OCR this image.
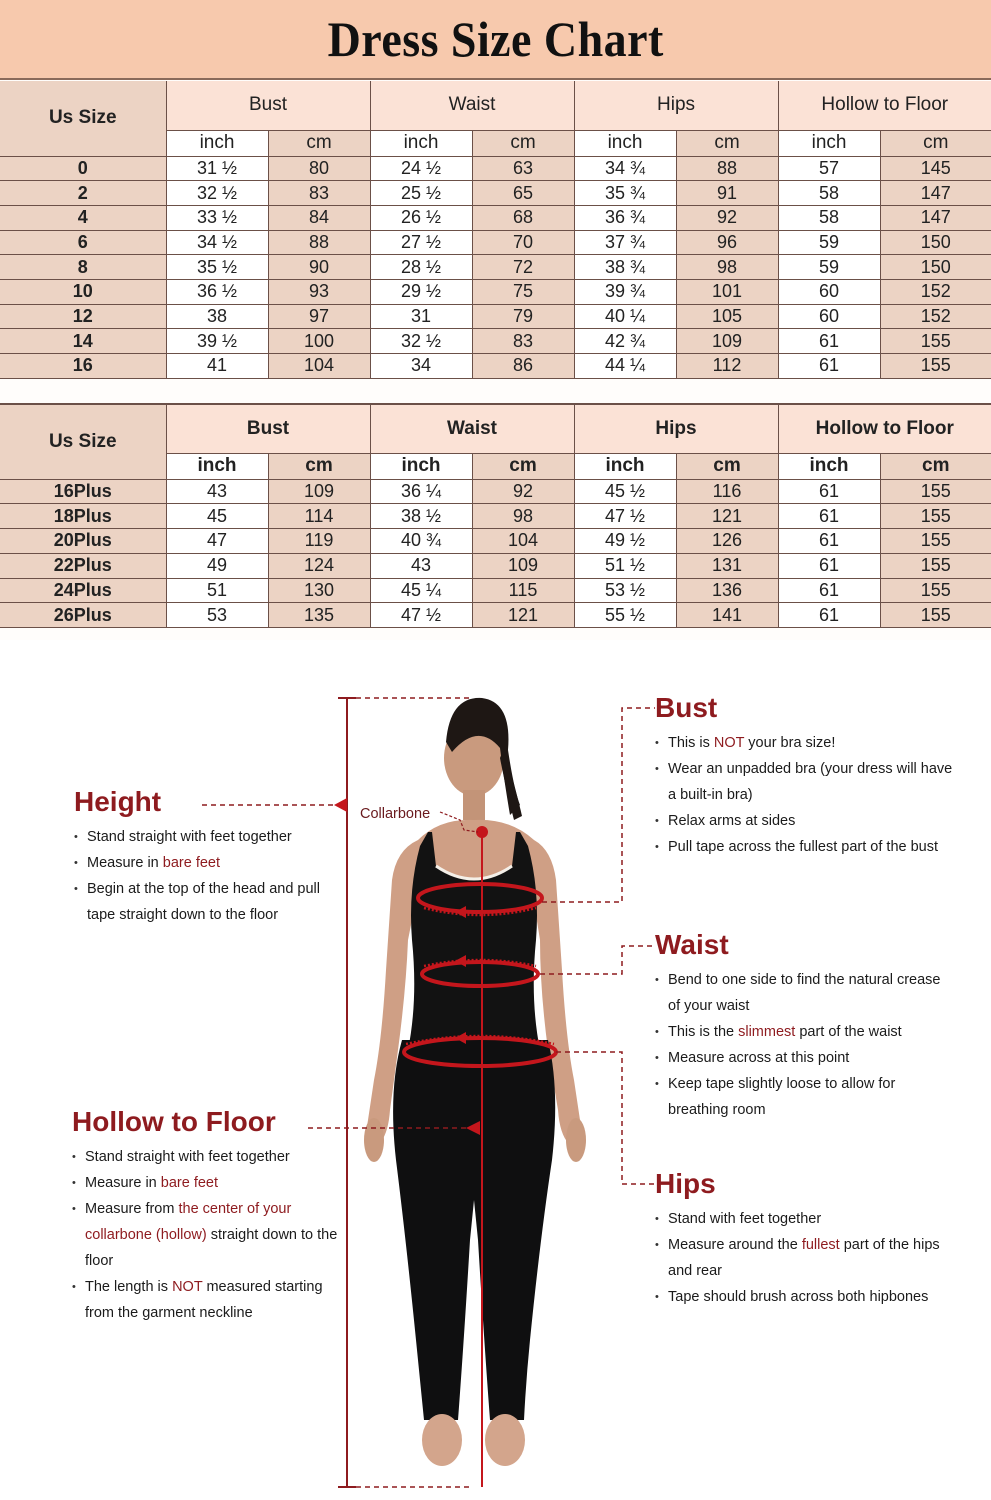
Dress Size Chart
Us Size	Bust		Waist		Hips		Hollow to Floor	
	inch	cm	inch	cm	inch	cm	inch	cm
0	31 ½	80	24 ½	63	34 ¾	88	57	145
2	32 ½	83	25 ½	65	35 ¾	91	58	147
4	33 ½	84	26 ½	68	36 ¾	92	58	147
6	34 ½	88	27 ½	70	37 ¾	96	59	150
8	35 ½	90	28 ½	72	38 ¾	98	59	150
10	36 ½	93	29 ½	75	39 ¾	101	60	152
12	38	97	31	79	40 ¼	105	60	152
14	39 ½	100	32 ½	83	42 ¾	109	61	155
16	41	104	34	86	44 ¼	112	61	155
Us Size	Bust		Waist		Hips		Hollow to Floor	
	inch	cm	inch	cm	inch	cm	inch	cm
16Plus	43	109	36 ¼	92	45 ½	116	61	155
18Plus	45	114	38 ½	98	47 ½	121	61	155
20Plus	47	119	40 ¾	104	49 ½	126	61	155
22Plus	49	124	43	109	51 ½	131	61	155
24Plus	51	130	45 ¼	115	53 ½	136	61	155
26Plus	53	135	47 ½	121	55 ½	141	61	155
Collarbone
Height
• Stand straight with feet together
• Measure in bare feet
• Begin at the top of the head and pull tape straight down to the floor
Hollow to Floor
• Stand straight with feet together
• Measure in bare feet
• Measure from the center of your collarbone (hollow) straight down to the floor
• The length is NOT measured starting from the garment neckline
Bust
• This is NOT your bra size!
• Wear an unpadded bra (your dress will have a built-in bra)
• Relax arms at sides
• Pull tape across the fullest part of the bust
Waist
• Bend to one side to find the natural crease of your waist
• This is the slimmest part of the waist
• Measure across at this point
• Keep tape slightly loose to allow for breathing room
Hips
• Stand with feet together
• Measure around the fullest part of the hips and rear
• Tape should brush across both hipbones
